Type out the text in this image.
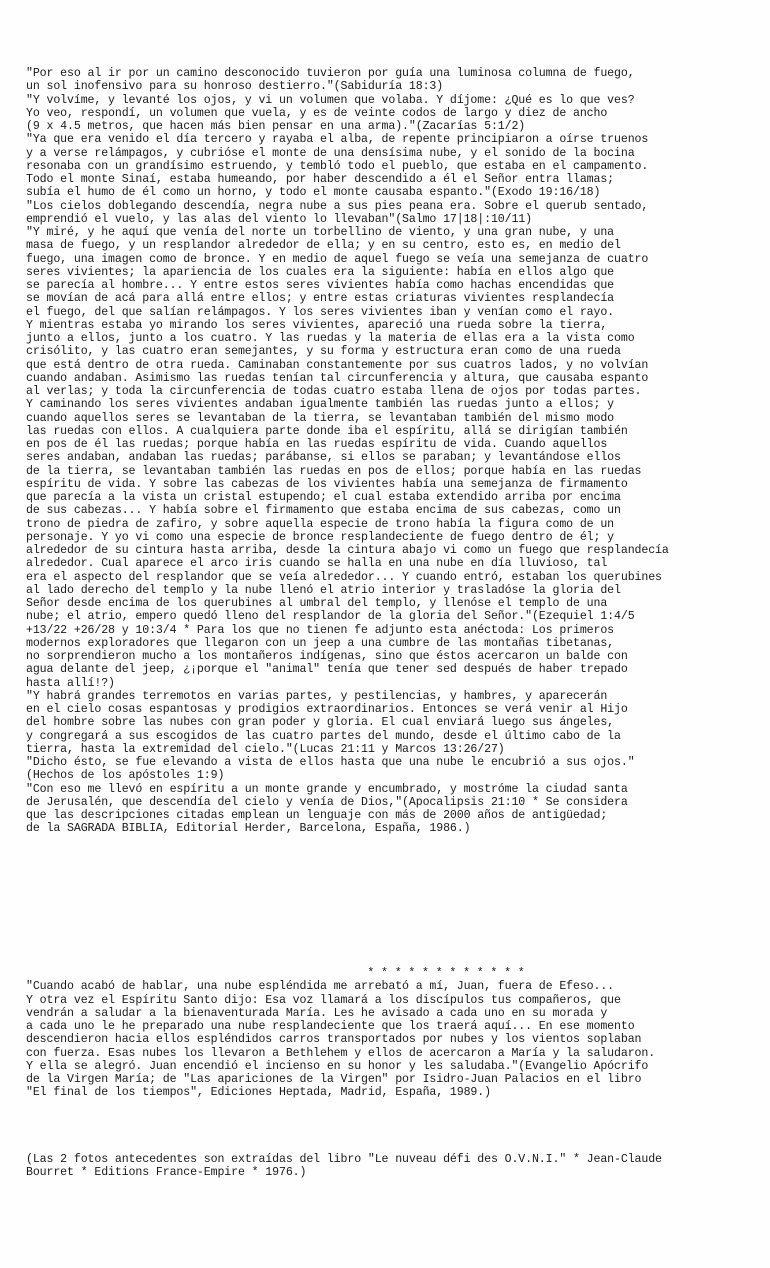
"Por eso al ir por un camino desconocido tuvieron por guía una luminosa columna de fuego,
un sol inofensivo para su honroso destierro."(Sabiduría 18:3)
"Y volvíme, y levanté los ojos, y vi un volumen que volaba. Y díjome: ¿Qué es lo que ves?
Yo veo, respondí, un volumen que vuela, y es de veinte codos de largo y diez de ancho
(9 x 4.5 metros, que hacen más bien pensar en una arma)."(Zacarías 5:1/2)
"Ya que era venido el día tercero y rayaba el alba, de repente principiaron a oírse truenos
y a verse relámpagos, y cubrióse el monte de una densísima nube, y el sonido de la bocina
resonaba con un grandísimo estruendo, y tembló todo el pueblo, que estaba en el campamento.
Todo el monte Sinaí, estaba humeando, por haber descendido a él el Señor entra llamas;
subía el humo de él como un horno, y todo el monte causaba espanto."(Exodo 19:16/18)
"Los cielos doblegando descendía, negra nube a sus pies peana era. Sobre el querub sentado,
emprendió el vuelo, y las alas del viento lo llevaban"(Salmo 17|18|:10/11)
"Y miré, y he aquí que venía del norte un torbellino de viento, y una gran nube, y una
masa de fuego, y un resplandor alrededor de ella; y en su centro, esto es, en medio del
fuego, una imagen como de bronce. Y en medio de aquel fuego se veía una semejanza de cuatro
seres vivientes; la apariencia de los cuales era la siguiente: había en ellos algo que
se parecía al hombre... Y entre estos seres vivientes había como hachas encendidas que
se movían de acá para allá entre ellos; y entre estas criaturas vivientes resplandecía
el fuego, del que salían relámpagos. Y los seres vivientes iban y venían como el rayo.
Y mientras estaba yo mirando los seres vivientes, apareció una rueda sobre la tierra,
junto a ellos, junto a los cuatro. Y las ruedas y la materia de ellas era a la vista como
crisólito, y las cuatro eran semejantes, y su forma y estructura eran como de una rueda
que está dentro de otra rueda. Caminaban constantemente por sus cuatros lados, y no volvían
cuando andaban. Asimismo las ruedas tenían tal circunferencia y altura, que causaba espanto
al verlas; y toda la circunferencia de todas cuatro estaba llena de ojos por todas partes.
Y caminando los seres vivientes andaban igualmente también las ruedas junto a ellos; y
cuando aquellos seres se levantaban de la tierra, se levantaban también del mismo modo
las ruedas con ellos. A cualquiera parte donde iba el espíritu, allá se dirigían también
en pos de él las ruedas; porque había en las ruedas espíritu de vida. Cuando aquellos
seres andaban, andaban las ruedas; parábanse, si ellos se paraban; y levantándose ellos
de la tierra, se levantaban también las ruedas en pos de ellos; porque había en las ruedas
espíritu de vida. Y sobre las cabezas de los vivientes había una semejanza de firmamento
que parecía a la vista un cristal estupendo; el cual estaba extendido arriba por encima
de sus cabezas... Y había sobre el firmamento que estaba encima de sus cabezas, como un
trono de piedra de zafiro, y sobre aquella especie de trono había la figura como de un
personaje. Y yo vi como una especie de bronce resplandeciente de fuego dentro de él; y
alrededor de su cintura hasta arriba, desde la cintura abajo vi como un fuego que resplandecía
alrededor. Cual aparece el arco iris cuando se halla en una nube en día lluvioso, tal
era el aspecto del resplandor que se veía alrededor... Y cuando entró, estaban los querubines
al lado derecho del templo y la nube llenó el atrio interior y trasladóse la gloria del
Señor desde encima de los querubines al umbral del templo, y llenóse el templo de una
nube; el atrio, empero quedó lleno del resplandor de la gloria del Señor."(Ezequiel 1:4/5
+13/22 +26/28 y 10:3/4 * Para los que no tienen fe adjunto esta anéctoda: Los primeros
modernos exploradores que llegaron con un jeep a una cumbre de las montañas tibetanas,
no sorprendieron mucho a los montañeros indígenas, sino que éstos acercaron un balde con
agua delante del jeep, ¿¡porque el "animal" tenía que tener sed después de haber trepado
hasta allí!?)
"Y habrá grandes terremotos en varias partes, y pestilencias, y hambres, y aparecerán
en el cielo cosas espantosas y prodigios extraordinarios. Entonces se verá venir al Hijo
del hombre sobre las nubes con gran poder y gloria. El cual enviará luego sus ángeles,
y congregará a sus escogidos de las cuatro partes del mundo, desde el último cabo de la
tierra, hasta la extremidad del cielo."(Lucas 21:11 y Marcos 13:26/27)
"Dicho ésto, se fue elevando a vista de ellos hasta que una nube le encubrió a sus ojos."
(Hechos de los apóstoles 1:9)
"Con eso me llevó en espíritu a un monte grande y encumbrado, y mostróme la ciudad santa
de Jerusalén, que descendía del cielo y venía de Dios,"(Apocalipsis 21:10 * Se considera
que las descripciones citadas emplean un lenguaje con más de 2000 años de antigüedad;
de la SAGRADA BIBLIA, Editorial Herder, Barcelona, España, 1986.)
* * * * * * * * * * * *
"Cuando acabó de hablar, una nube espléndida me arrebató a mí, Juan, fuera de Efeso...
Y otra vez el Espíritu Santo dijo: Esa voz llamará a los discípulos tus compañeros, que
vendrán a saludar a la bienaventurada María. Les he avisado a cada uno en su morada y
a cada uno le he preparado una nube resplandeciente que los traerá aquí... En ese momento
descendieron hacia ellos espléndidos carros transportados por nubes y los vientos soplaban
con fuerza. Esas nubes los llevaron a Bethlehem y ellos de acercaron a María y la saludaron.
Y ella se alegró. Juan encendió el incienso en su honor y les saludaba."(Evangelio Apócrifo
de la Virgen María; de "Las apariciones de la Virgen" por Isidro-Juan Palacios en el libro
"El final de los tiempos", Ediciones Heptada, Madrid, España, 1989.)
(Las 2 fotos antecedentes son extraídas del libro "Le nuveau défi des O.V.N.I." * Jean-Claude
Bourret * Editions France-Empire * 1976.)
